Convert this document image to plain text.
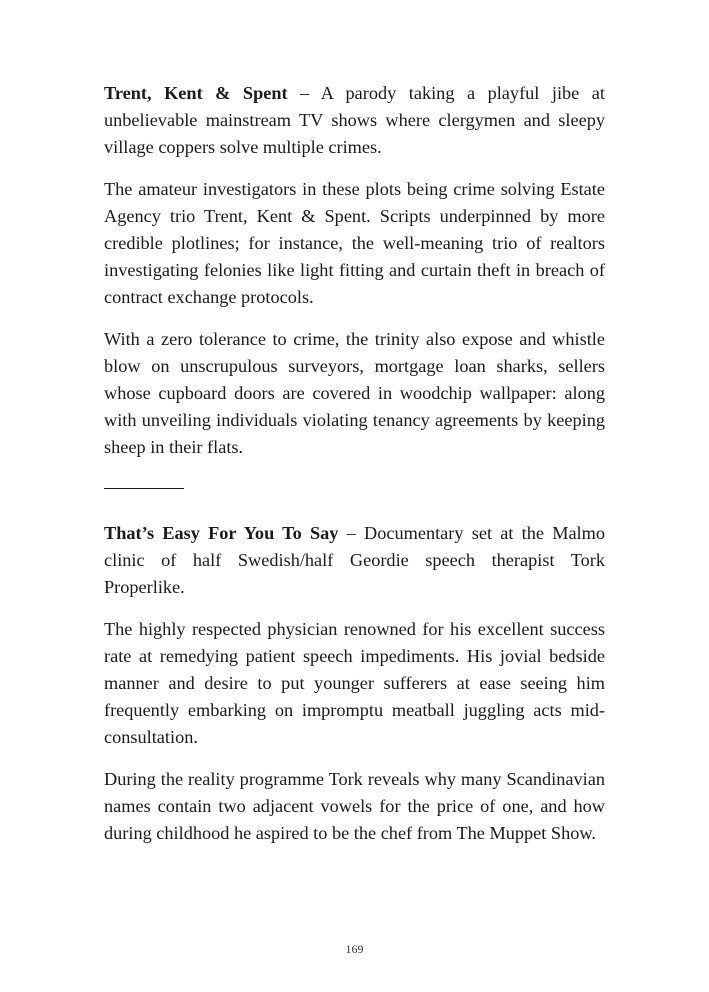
Trent, Kent & Spent – A parody taking a playful jibe at unbelievable mainstream TV shows where clergymen and sleepy village coppers solve multiple crimes.

The amateur investigators in these plots being crime solving Estate Agency trio Trent, Kent & Spent. Scripts underpinned by more credible plotlines; for instance, the well-meaning trio of realtors investigating felonies like light fitting and curtain theft in breach of contract exchange protocols.

With a zero tolerance to crime, the trinity also expose and whistle blow on unscrupulous surveyors, mortgage loan sharks, sellers whose cupboard doors are covered in woodchip wallpaper: along with unveiling individuals violating tenancy agreements by keeping sheep in their flats.

That’s Easy For You To Say – Documentary set at the Malmo clinic of half Swedish/half Geordie speech therapist Tork Properlike.

The highly respected physician renowned for his excellent success rate at remedying patient speech impediments. His jovial bedside manner and desire to put younger sufferers at ease seeing him frequently embarking on impromptu meatball juggling acts mid-consultation.

During the reality programme Tork reveals why many Scandinavian names contain two adjacent vowels for the price of one, and how during childhood he aspired to be the chef from The Muppet Show.

169
